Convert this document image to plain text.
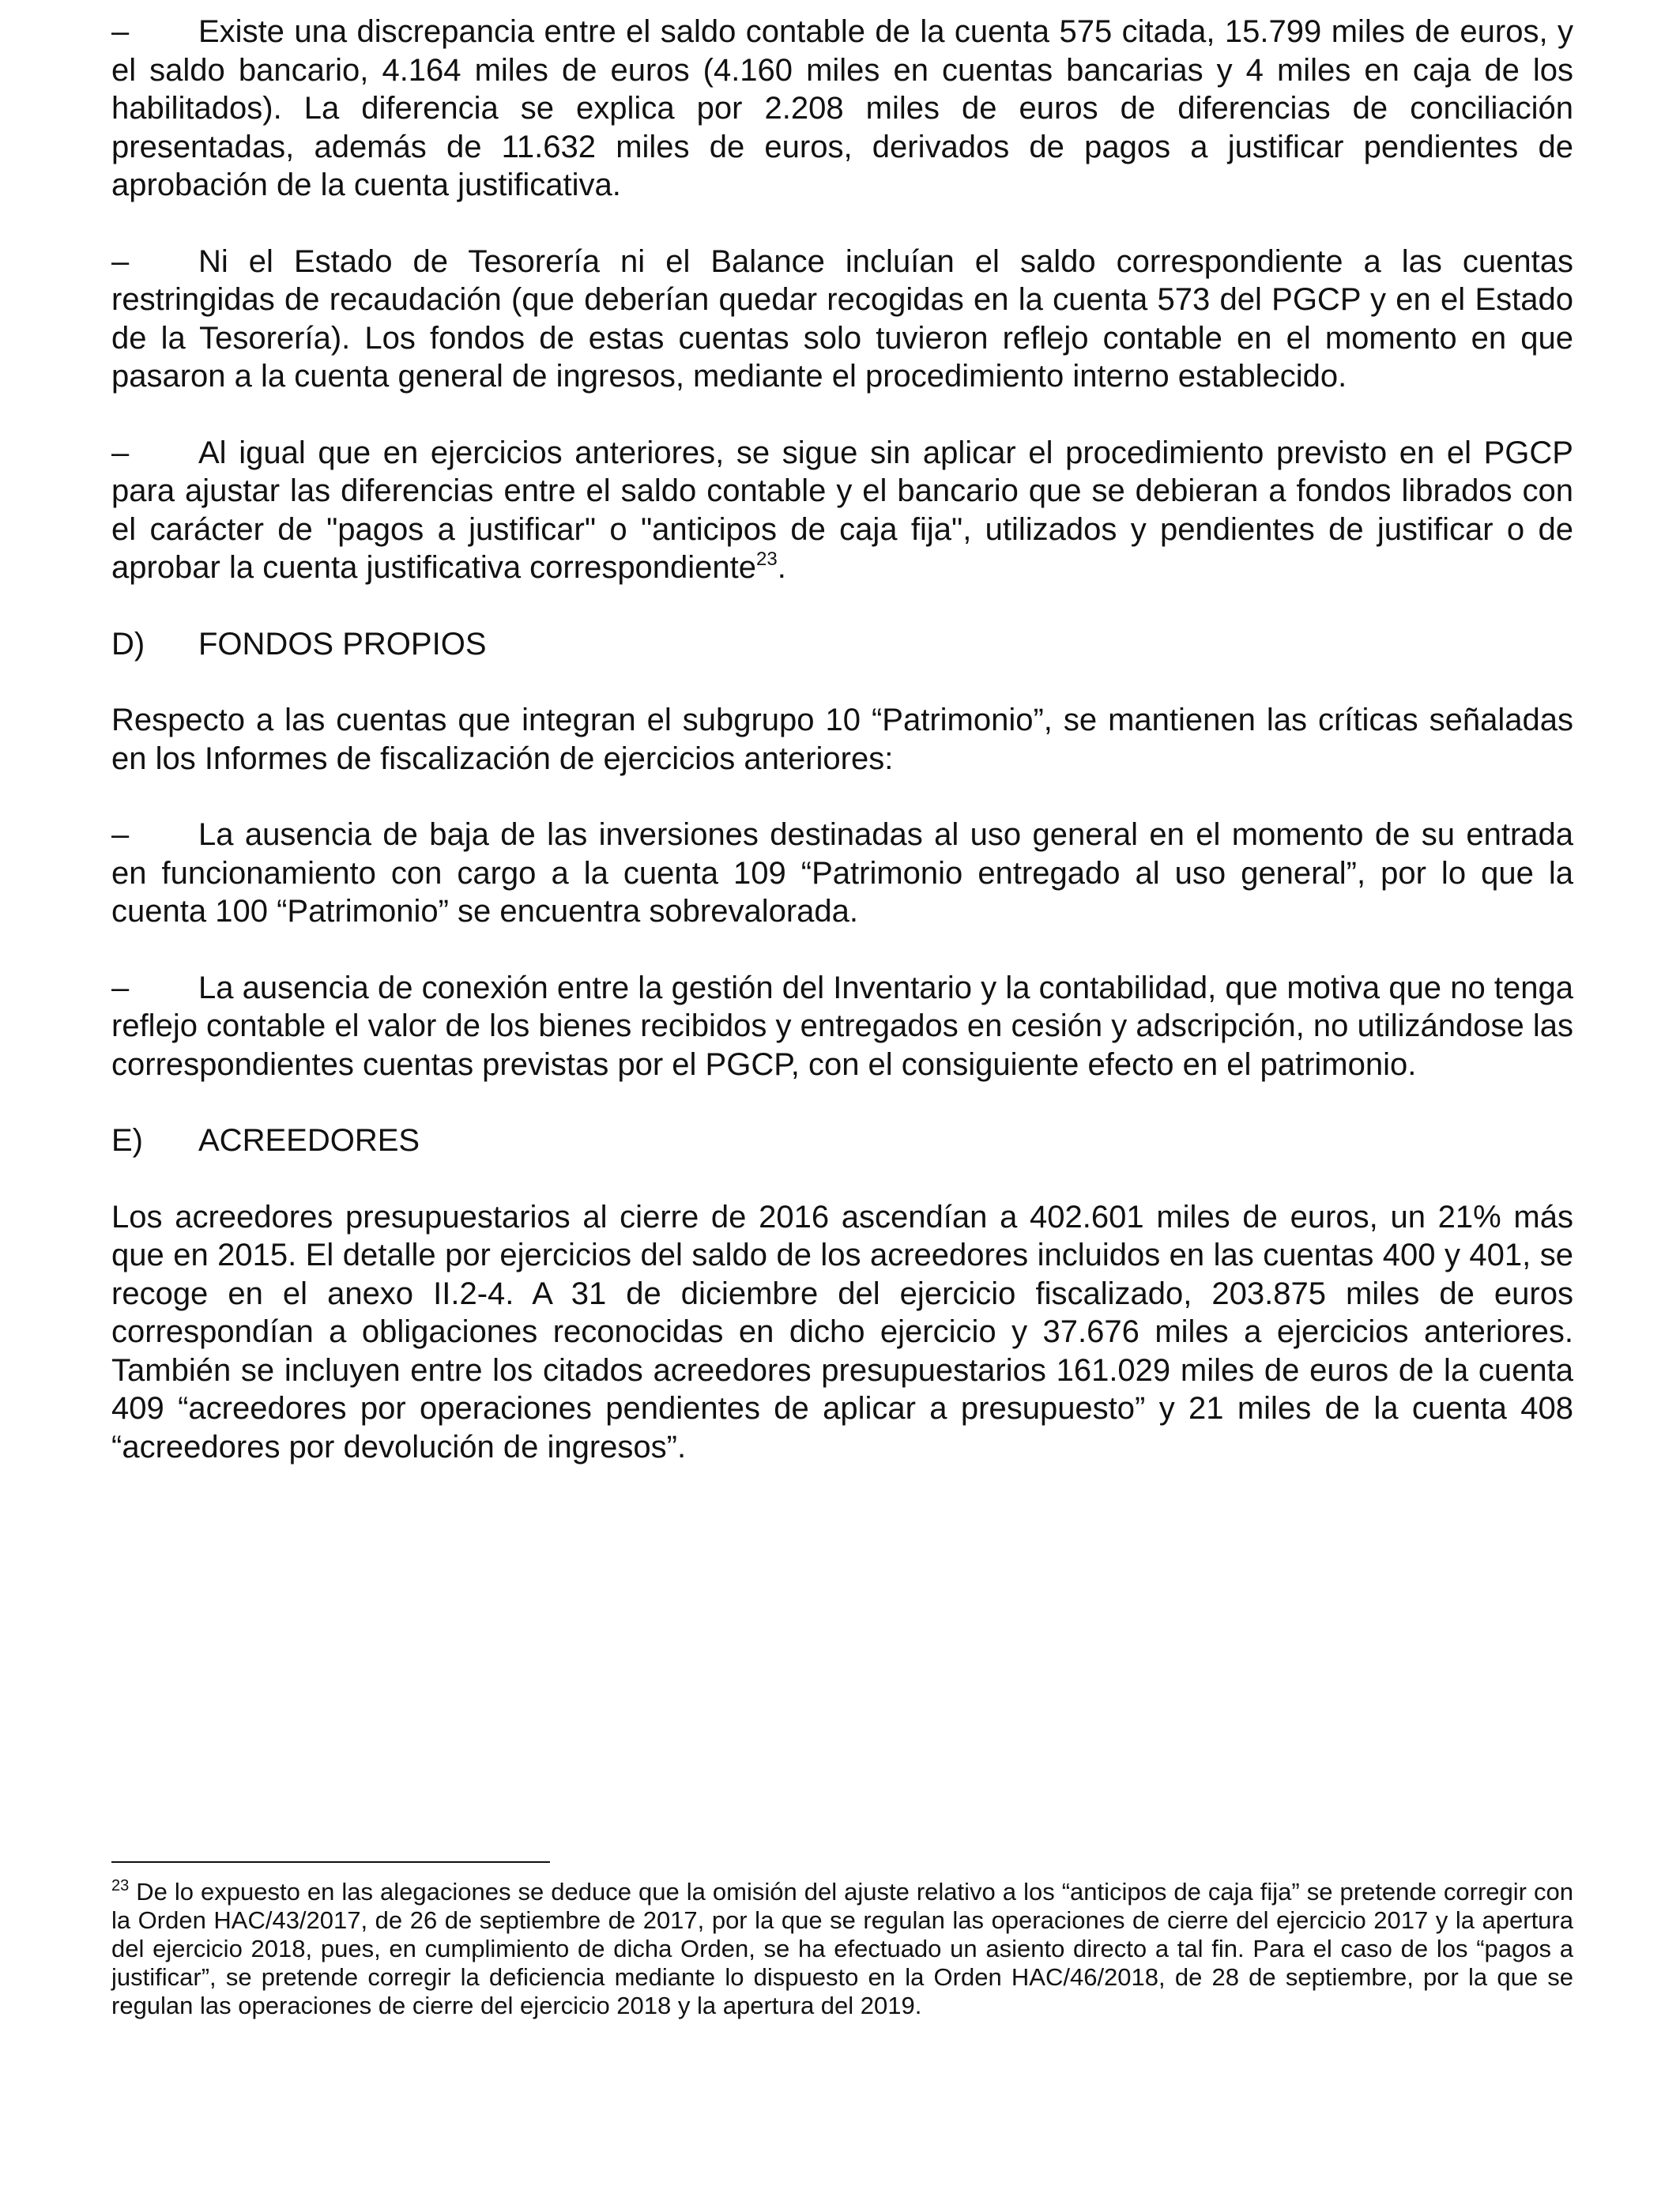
– Existe una discrepancia entre el saldo contable de la cuenta 575 citada, 15.799 miles de euros, y el saldo bancario, 4.164 miles de euros (4.160 miles en cuentas bancarias y 4 miles en caja de los habilitados). La diferencia se explica por 2.208 miles de euros de diferencias de conciliación presentadas, además de 11.632 miles de euros, derivados de pagos a justificar pendientes de aprobación de la cuenta justificativa.

– Ni el Estado de Tesorería ni el Balance incluían el saldo correspondiente a las cuentas restringidas de recaudación (que deberían quedar recogidas en la cuenta 573 del PGCP y en el Estado de la Tesorería). Los fondos de estas cuentas solo tuvieron reflejo contable en el momento en que pasaron a la cuenta general de ingresos, mediante el procedimiento interno establecido.

– Al igual que en ejercicios anteriores, se sigue sin aplicar el procedimiento previsto en el PGCP para ajustar las diferencias entre el saldo contable y el bancario que se debieran a fondos librados con el carácter de "pagos a justificar" o "anticipos de caja fija", utilizados y pendientes de justificar o de aprobar la cuenta justificativa correspondiente$^{23}$.

D) FONDOS PROPIOS

Respecto a las cuentas que integran el subgrupo 10 “Patrimonio”, se mantienen las críticas señaladas en los Informes de fiscalización de ejercicios anteriores:

– La ausencia de baja de las inversiones destinadas al uso general en el momento de su entrada en funcionamiento con cargo a la cuenta 109 “Patrimonio entregado al uso general”, por lo que la cuenta 100 “Patrimonio” se encuentra sobrevalorada.

– La ausencia de conexión entre la gestión del Inventario y la contabilidad, que motiva que no tenga reflejo contable el valor de los bienes recibidos y entregados en cesión y adscripción, no utilizándose las correspondientes cuentas previstas por el PGCP, con el consiguiente efecto en el patrimonio.

E) ACREEDORES

Los acreedores presupuestarios al cierre de 2016 ascendían a 402.601 miles de euros, un 21% más que en 2015. El detalle por ejercicios del saldo de los acreedores incluidos en las cuentas 400 y 401, se recoge en el anexo II.2-4. A 31 de diciembre del ejercicio fiscalizado, 203.875 miles de euros correspondían a obligaciones reconocidas en dicho ejercicio y 37.676 miles a ejercicios anteriores. También se incluyen entre los citados acreedores presupuestarios 161.029 miles de euros de la cuenta 409 “acreedores por operaciones pendientes de aplicar a presupuesto” y 21 miles de la cuenta 408 “acreedores por devolución de ingresos”.

$^{23}$ De lo expuesto en las alegaciones se deduce que la omisión del ajuste relativo a los “anticipos de caja fija” se pretende corregir con la Orden HAC/43/2017, de 26 de septiembre de 2017, por la que se regulan las operaciones de cierre del ejercicio 2017 y la apertura del ejercicio 2018, pues, en cumplimiento de dicha Orden, se ha efectuado un asiento directo a tal fin. Para el caso de los “pagos a justificar”, se pretende corregir la deficiencia mediante lo dispuesto en la Orden HAC/46/2018, de 28 de septiembre, por la que se regulan las operaciones de cierre del ejercicio 2018 y la apertura del 2019.
